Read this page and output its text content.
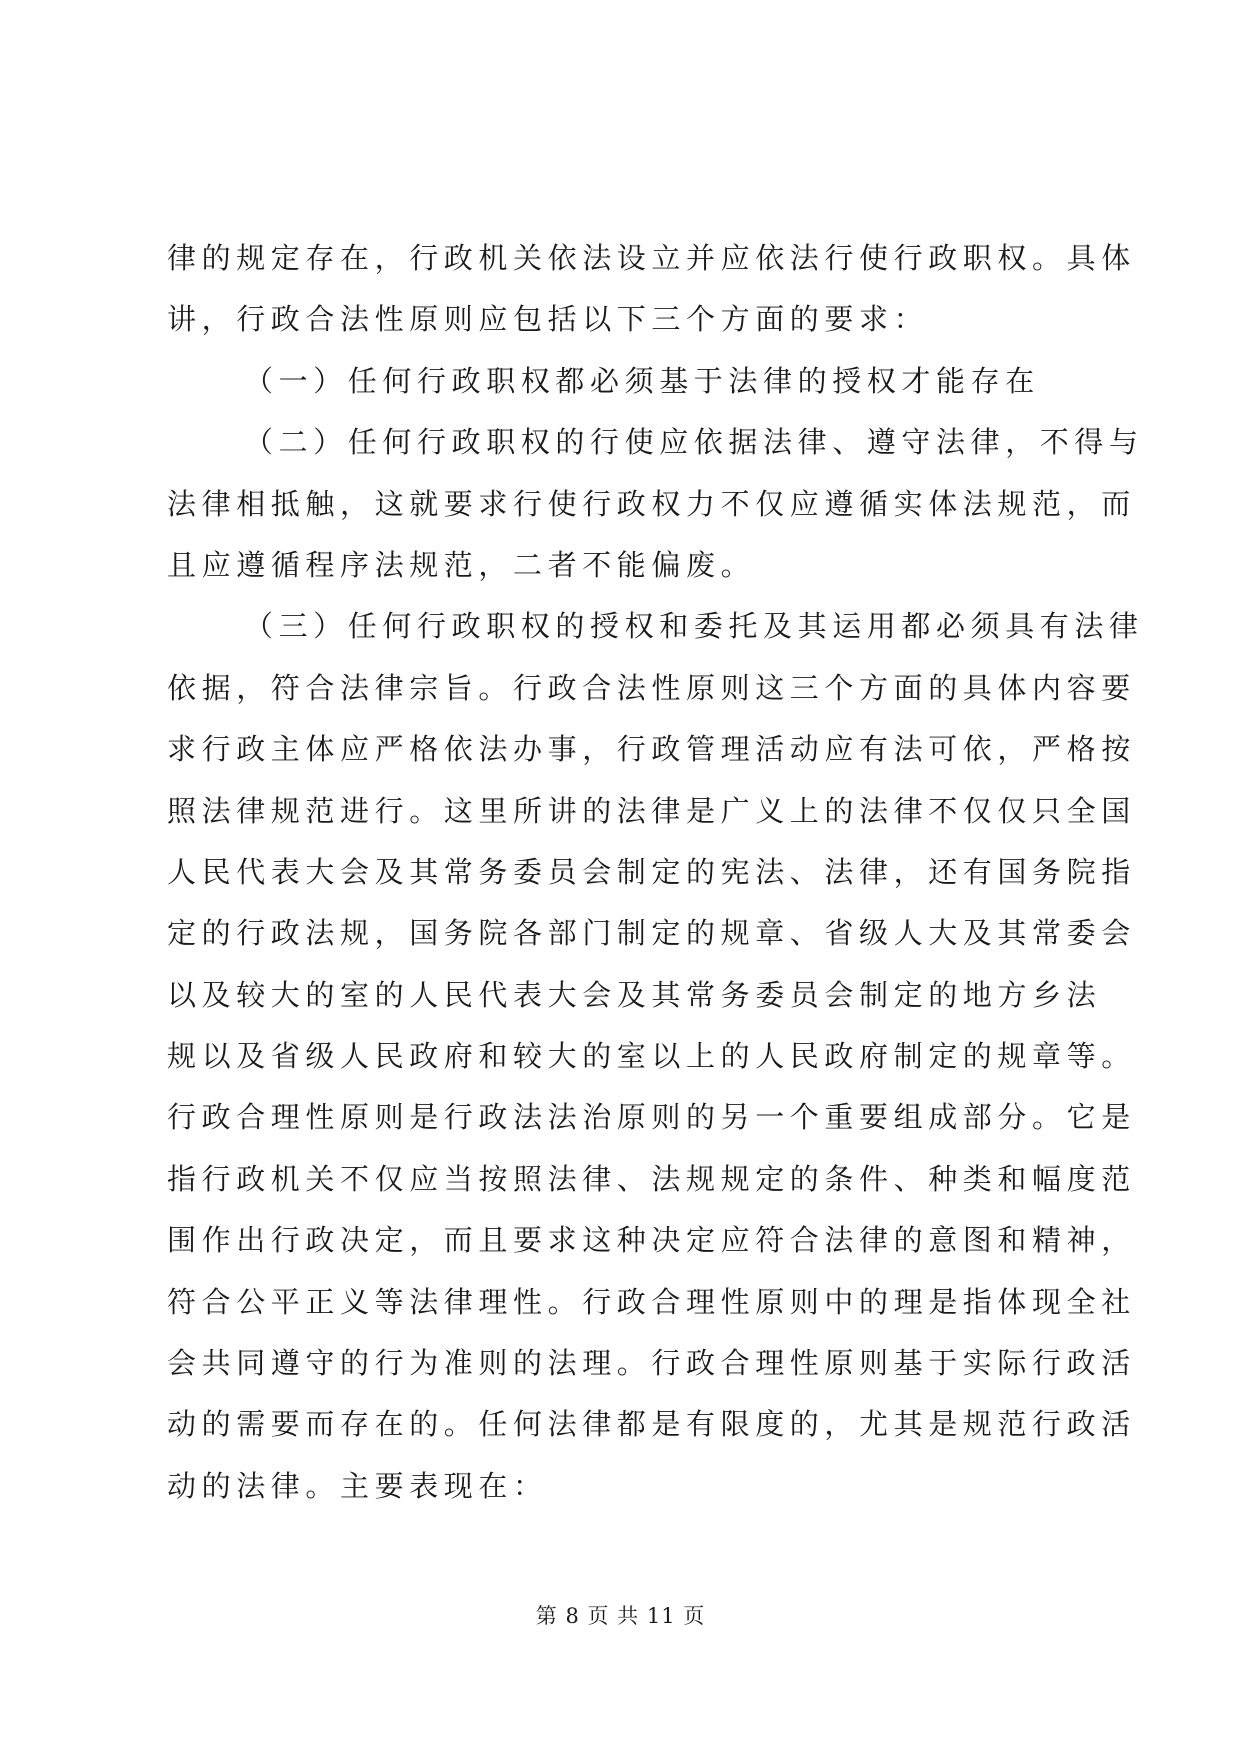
律的规定存在，行政机关依法设立并应依法行使行政职权。具体
讲，行政合法性原则应包括以下三个方面的要求：
（一）任何行政职权都必须基于法律的授权才能存在
（二）任何行政职权的行使应依据法律、遵守法律，不得与
法律相抵触，这就要求行使行政权力不仅应遵循实体法规范，而
且应遵循程序法规范，二者不能偏废。
（三）任何行政职权的授权和委托及其运用都必须具有法律
依据，符合法律宗旨。行政合法性原则这三个方面的具体内容要
求行政主体应严格依法办事，行政管理活动应有法可依，严格按
照法律规范进行。这里所讲的法律是广义上的法律不仅仅只全国
人民代表大会及其常务委员会制定的宪法、法律，还有国务院指
定的行政法规，国务院各部门制定的规章、省级人大及其常委会
以及较大的室的人民代表大会及其常务委员会制定的地方乡法
规以及省级人民政府和较大的室以上的人民政府制定的规章等。
行政合理性原则是行政法法治原则的另一个重要组成部分。它是
指行政机关不仅应当按照法律、法规规定的条件、种类和幅度范
围作出行政决定，而且要求这种决定应符合法律的意图和精神，
符合公平正义等法律理性。行政合理性原则中的理是指体现全社
会共同遵守的行为准则的法理。行政合理性原则基于实际行政活
动的需要而存在的。任何法律都是有限度的，尤其是规范行政活
动的法律。主要表现在：
第 8 页 共 11 页
